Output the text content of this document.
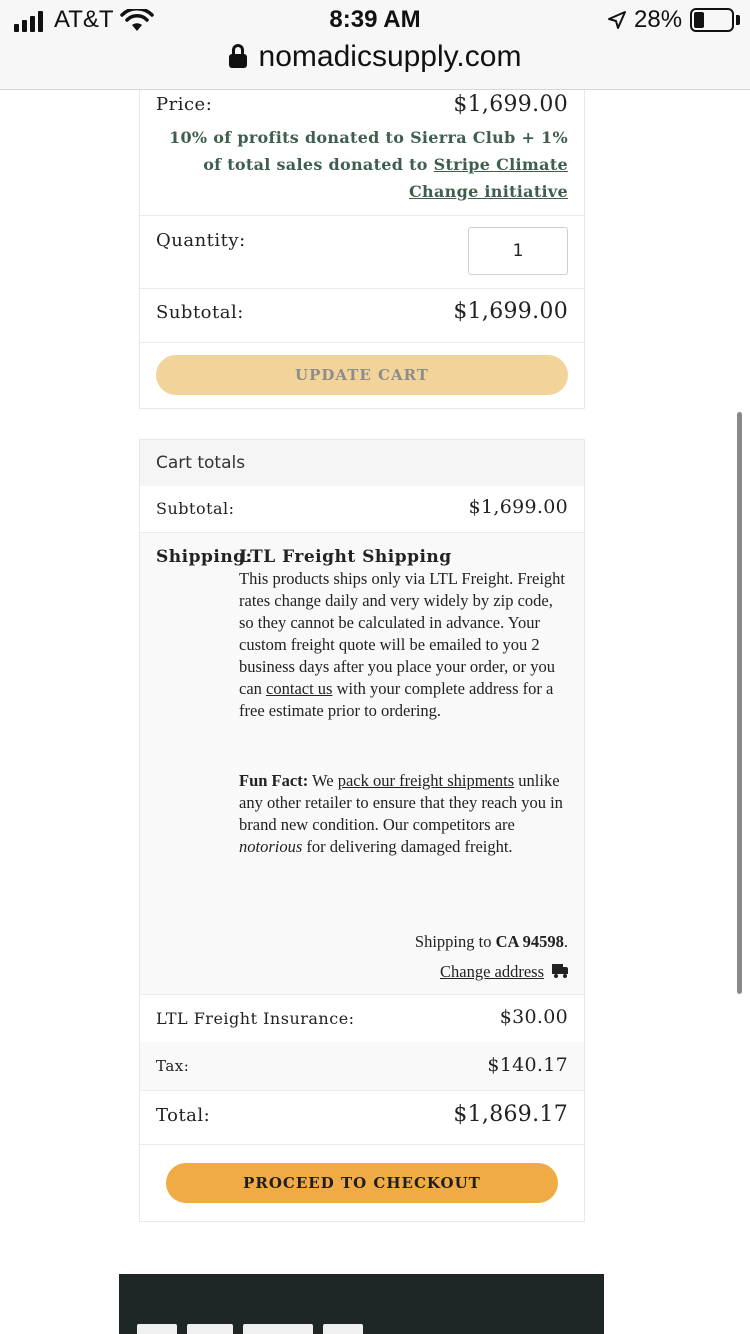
AT&T	8:39 AM	28%
nomadicsupply.com
Price:	$1,699.00
10% of profits donated to Sierra Club + 1% of total sales donated to Stripe Climate Change initiative
Quantity:	1
Subtotal:	$1,699.00
UPDATE CART
Cart totals
Subtotal:	$1,699.00
Shipping:
LTL Freight Shipping
This products ships only via LTL Freight. Freight rates change daily and very widely by zip code, so they cannot be calculated in advance. Your custom freight quote will be emailed to you 2 business days after you place your order, or you can contact us with your complete address for a free estimate prior to ordering.
Fun Fact: We pack our freight shipments unlike any other retailer to ensure that they reach you in brand new condition. Our competitors are notorious for delivering damaged freight.
Shipping to CA 94598.
Change address
LTL Freight Insurance:	$30.00
Tax:	$140.17
Total:	$1,869.17
PROCEED TO CHECKOUT
